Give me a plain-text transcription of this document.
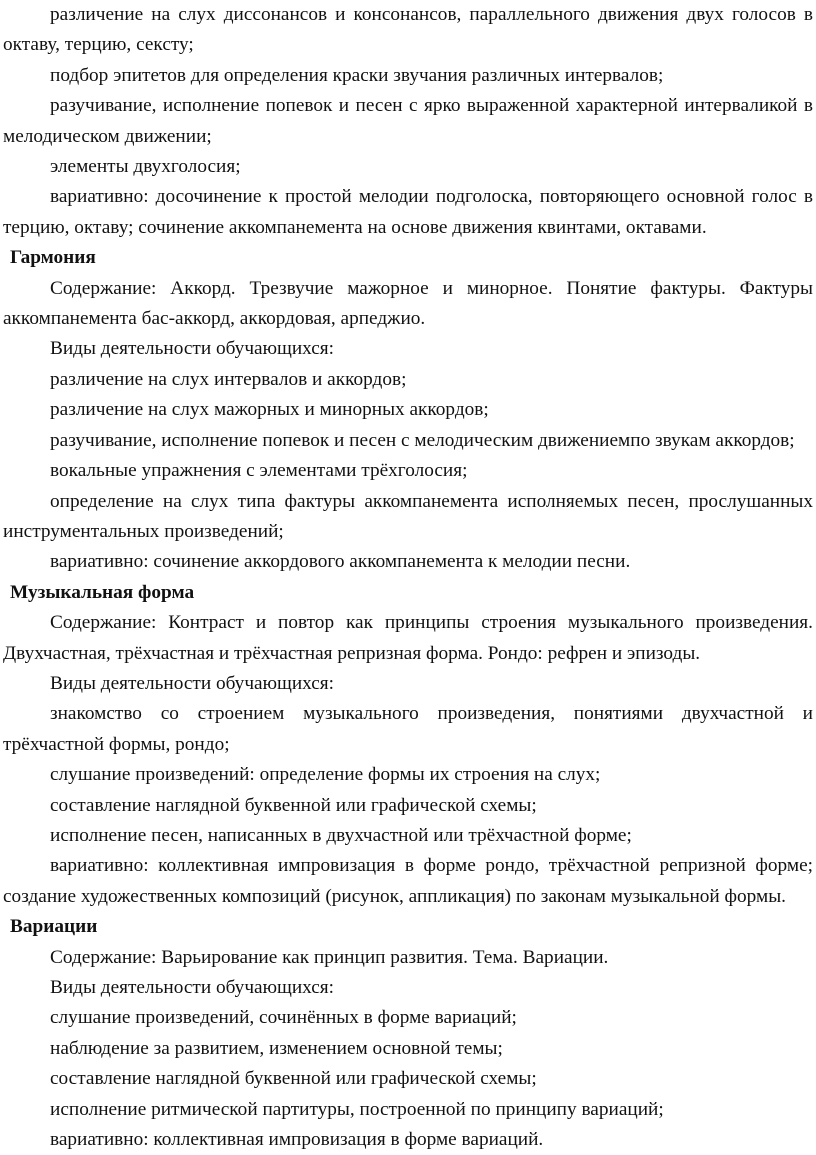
различение на слух диссонансов и консонансов, параллельного движения двух голосов в октаву, терцию, сексту;

подбор эпитетов для определения краски звучания различных интервалов;

разучивание, исполнение попевок и песен с ярко выраженной характерной интерваликой в мелодическом движении;

элементы двухголосия;

вариативно: досочинение к простой мелодии подголоска, повторяющего основной голос в терцию, октаву; сочинение аккомпанемента на основе движения квинтами, октавами.

Гармония

Содержание: Аккорд. Трезвучие мажорное и минорное. Понятие фактуры. Фактуры аккомпанемента бас-аккорд, аккордовая, арпеджио.

Виды деятельности обучающихся:

различение на слух интервалов и аккордов;

различение на слух мажорных и минорных аккордов;

разучивание, исполнение попевок и песен с мелодическим движениемпо звукам аккордов;

вокальные упражнения с элементами трёхголосия;

определение на слух типа фактуры аккомпанемента исполняемых песен, прослушанных инструментальных произведений;

вариативно: сочинение аккордового аккомпанемента к мелодии песни.

Музыкальная форма

Содержание: Контраст и повтор как принципы строения музыкального произведения. Двухчастная, трёхчастная и трёхчастная репризная форма. Рондо: рефрен и эпизоды.

Виды деятельности обучающихся:

знакомство со строением музыкального произведения, понятиями двухчастной и трёхчастной формы, рондо;

слушание произведений: определение формы их строения на слух;

составление наглядной буквенной или графической схемы;

исполнение песен, написанных в двухчастной или трёхчастной форме;

вариативно: коллективная импровизация в форме рондо, трёхчастной репризной форме; создание художественных композиций (рисунок, аппликация) по законам музыкальной формы.

Вариации

Содержание: Варьирование как принцип развития. Тема. Вариации.

Виды деятельности обучающихся:

слушание произведений, сочинённых в форме вариаций;

наблюдение за развитием, изменением основной темы;

составление наглядной буквенной или графической схемы;

исполнение ритмической партитуры, построенной по принципу вариаций;

вариативно: коллективная импровизация в форме вариаций.
